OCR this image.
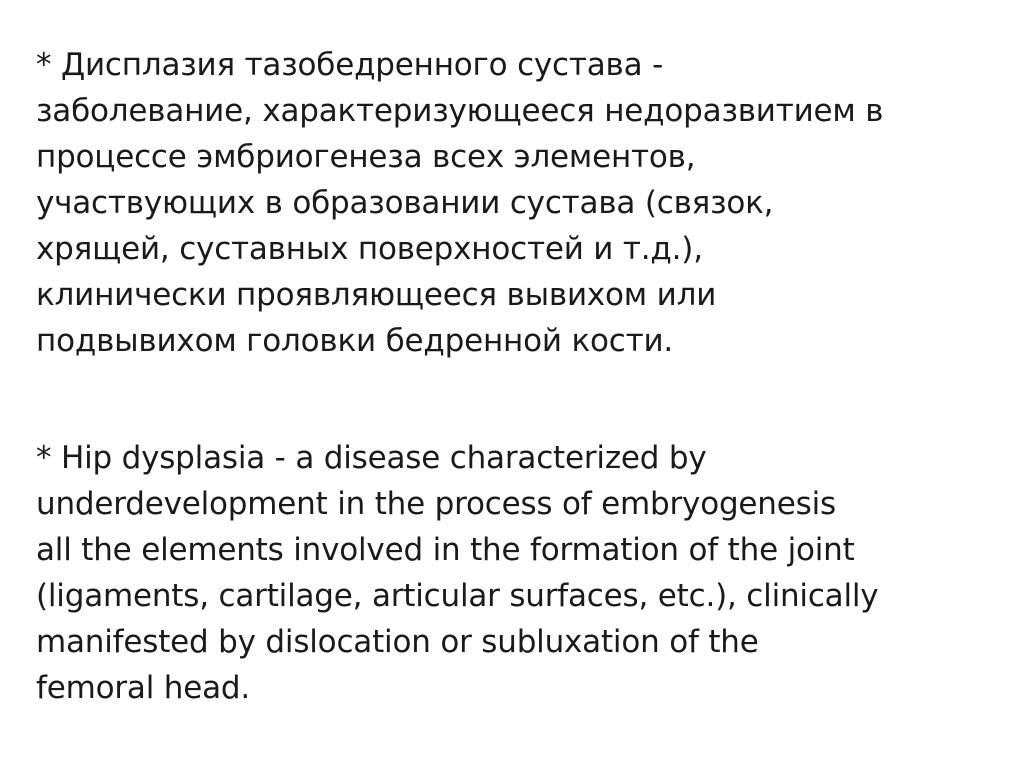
* Дисплазия тазобедренного сустава -
заболевание, характеризующееся недоразвитием в
процессе эмбриогенеза всех элементов,
участвующих в образовании сустава (связок,
хрящей, суставных поверхностей и т.д.),
клинически проявляющееся вывихом или
подвывихом головки бедренной кости.
* Hip dysplasia - a disease characterized by
underdevelopment in the process of embryogenesis
all the elements involved in the formation of the joint
(ligaments, cartilage, articular surfaces, etc.), clinically
manifested by dislocation or subluxation of the
femoral head.
